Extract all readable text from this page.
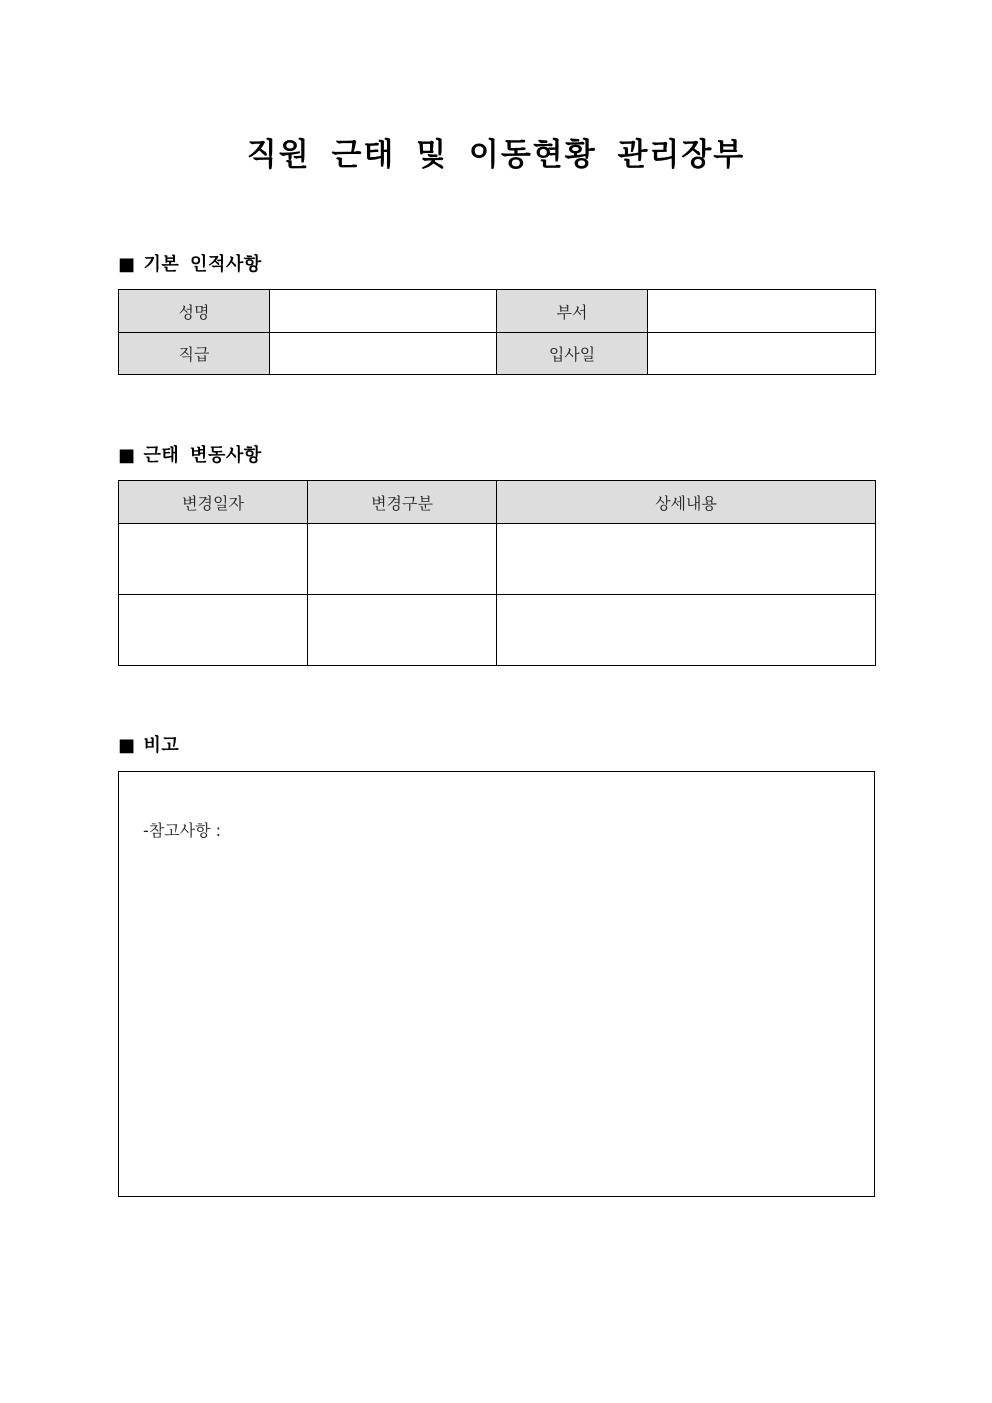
직원 근태 및 이동현황 관리장부
■ 기본 인적사항
성명		부서	
직급		입사일	
■ 근태 변동사항
변경일자	변경구분	상세내용

■ 비고
-참고사항 :
